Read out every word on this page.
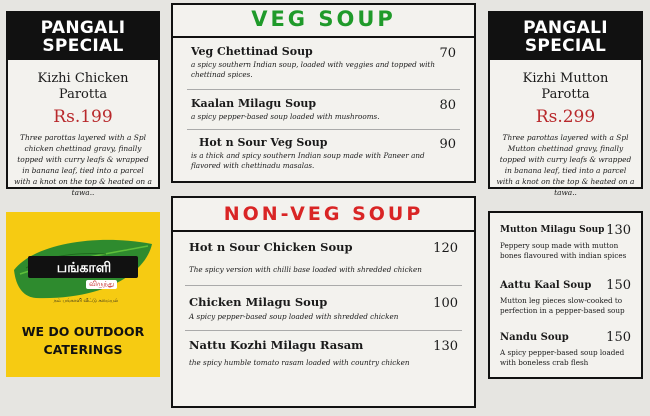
PANGALI
SPECIAL
Kizhi Chicken
Parotta
Rs.199
Three parottas layered with a Spl chicken chettinad gravy, finally topped with curry leafs & wrapped in banana leaf, tied into a parcel with a knot on the top & heated on a tawa..
PANGALI
SPECIAL
Kizhi Mutton
Parotta
Rs.299
Three parottas layered with a Spl Mutton chettinad gravy, finally topped with curry leafs & wrapped in banana leaf, tied into a parcel with a knot on the top & heated on a tawa..
VEG SOUP
Veg Chettinad Soup	70
a spicy southern Indian soup, loaded with veggies and topped with chettinad spices.
Kaalan Milagu Soup	80
a spicy pepper-based soup loaded with mushrooms.
Hot n Sour Veg Soup	90
is a thick and spicy southern Indian soup made with Paneer and flavored with chettinadu masalas.
NON-VEG SOUP
Hot n Sour Chicken Soup	120
The spicy version with chilli base loaded with shredded chicken
Chicken Milagu Soup	100
A spicy pepper-based soup loaded with shredded chicken
Nattu Kozhi Milagu Rasam	130
the spicy humble tomato rasam loaded with country chicken
Mutton Milagu Soup 130
Peppery soup made with mutton bones flavoured with indian spices
Aattu Kaal Soup 150
Mutton leg pieces slow-cooked to perfection in a pepper-based soup
Nandu Soup	150
A spicy pepper-based soup loaded with boneless crab flesh
பங்காளி
விருந்து
நம் பங்காளி வீட்டு சமையல்
WE DO OUTDOOR
CATERINGS
